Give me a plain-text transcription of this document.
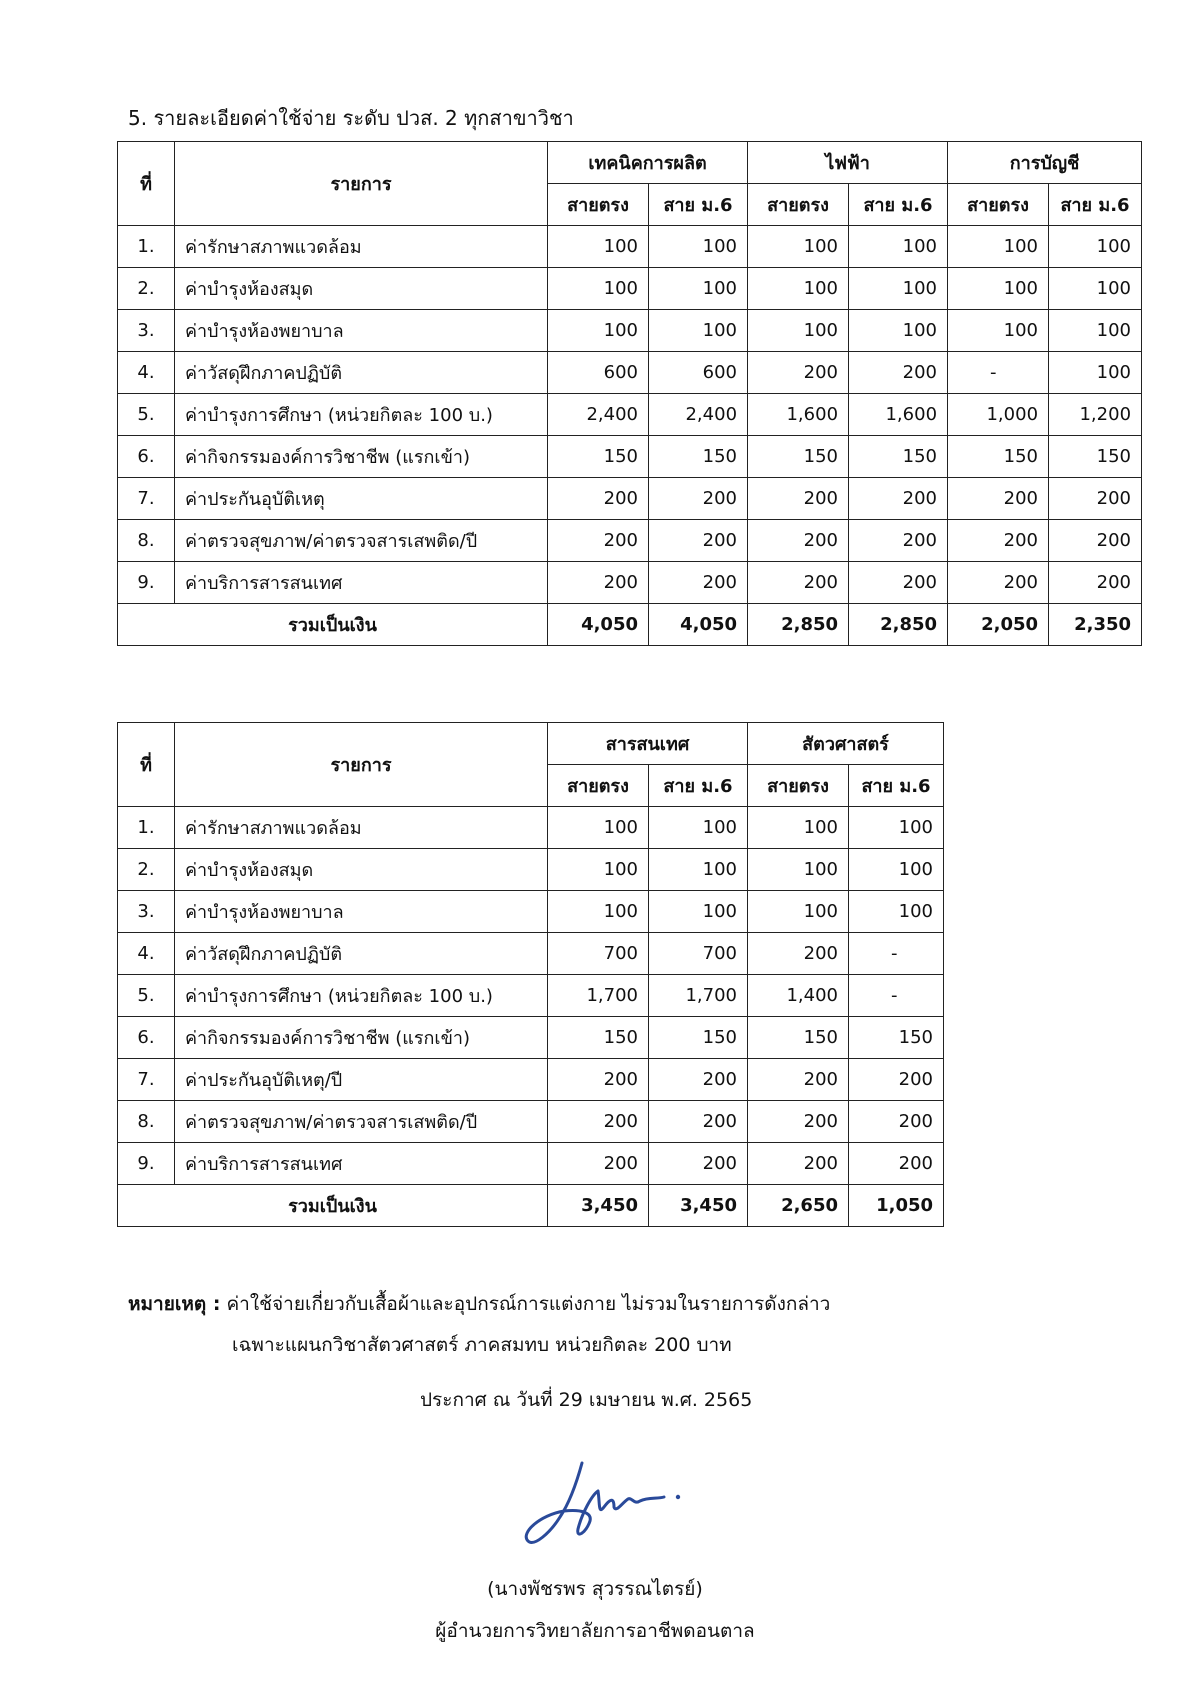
5. รายละเอียดค่าใช้จ่าย ระดับ ปวส. 2 ทุกสาขาวิชา
ที่	รายการ	เทคนิคการผลิต		ไฟฟ้า		การบัญชี	
		สายตรง	สาย ม.6	สายตรง	สาย ม.6	สายตรง	สาย ม.6
1.	ค่ารักษาสภาพแวดล้อม	100	100	100	100	100	100
2.	ค่าบำรุงห้องสมุด	100	100	100	100	100	100
3.	ค่าบำรุงห้องพยาบาล	100	100	100	100	100	100
4.	ค่าวัสดุฝึกภาคปฏิบัติ	600	600	200	200	-	100
5.	ค่าบำรุงการศึกษา (หน่วยกิตละ 100 บ.)	2,400	2,400	1,600	1,600	1,000	1,200
6.	ค่ากิจกรรมองค์การวิชาชีพ (แรกเข้า)	150	150	150	150	150	150
7.	ค่าประกันอุบัติเหตุ	200	200	200	200	200	200
8.	ค่าตรวจสุขภาพ/ค่าตรวจสารเสพติด/ปี	200	200	200	200	200	200
9.	ค่าบริการสารสนเทศ	200	200	200	200	200	200
รวมเป็นเงิน		4,050	4,050	2,850	2,850	2,050	2,350
ที่	รายการ	สารสนเทศ		สัตวศาสตร์	
		สายตรง	สาย ม.6	สายตรง	สาย ม.6
1.	ค่ารักษาสภาพแวดล้อม	100	100	100	100
2.	ค่าบำรุงห้องสมุด	100	100	100	100
3.	ค่าบำรุงห้องพยาบาล	100	100	100	100
4.	ค่าวัสดุฝึกภาคปฏิบัติ	700	700	200	-
5.	ค่าบำรุงการศึกษา (หน่วยกิตละ 100 บ.)	1,700	1,700	1,400	-
6.	ค่ากิจกรรมองค์การวิชาชีพ (แรกเข้า)	150	150	150	150
7.	ค่าประกันอุบัติเหตุ/ปี	200	200	200	200
8.	ค่าตรวจสุขภาพ/ค่าตรวจสารเสพติด/ปี	200	200	200	200
9.	ค่าบริการสารสนเทศ	200	200	200	200
รวมเป็นเงิน		3,450	3,450	2,650	1,050
หมายเหตุ : ค่าใช้จ่ายเกี่ยวกับเสื้อผ้าและอุปกรณ์การแต่งกาย ไม่รวมในรายการดังกล่าว
เฉพาะแผนกวิชาสัตวศาสตร์ ภาคสมทบ หน่วยกิตละ 200 บาท
ประกาศ ณ วันที่ 29 เมษายน พ.ศ. 2565
(นางพัชรพร สุวรรณไตรย์)
ผู้อำนวยการวิทยาลัยการอาชีพดอนตาล
